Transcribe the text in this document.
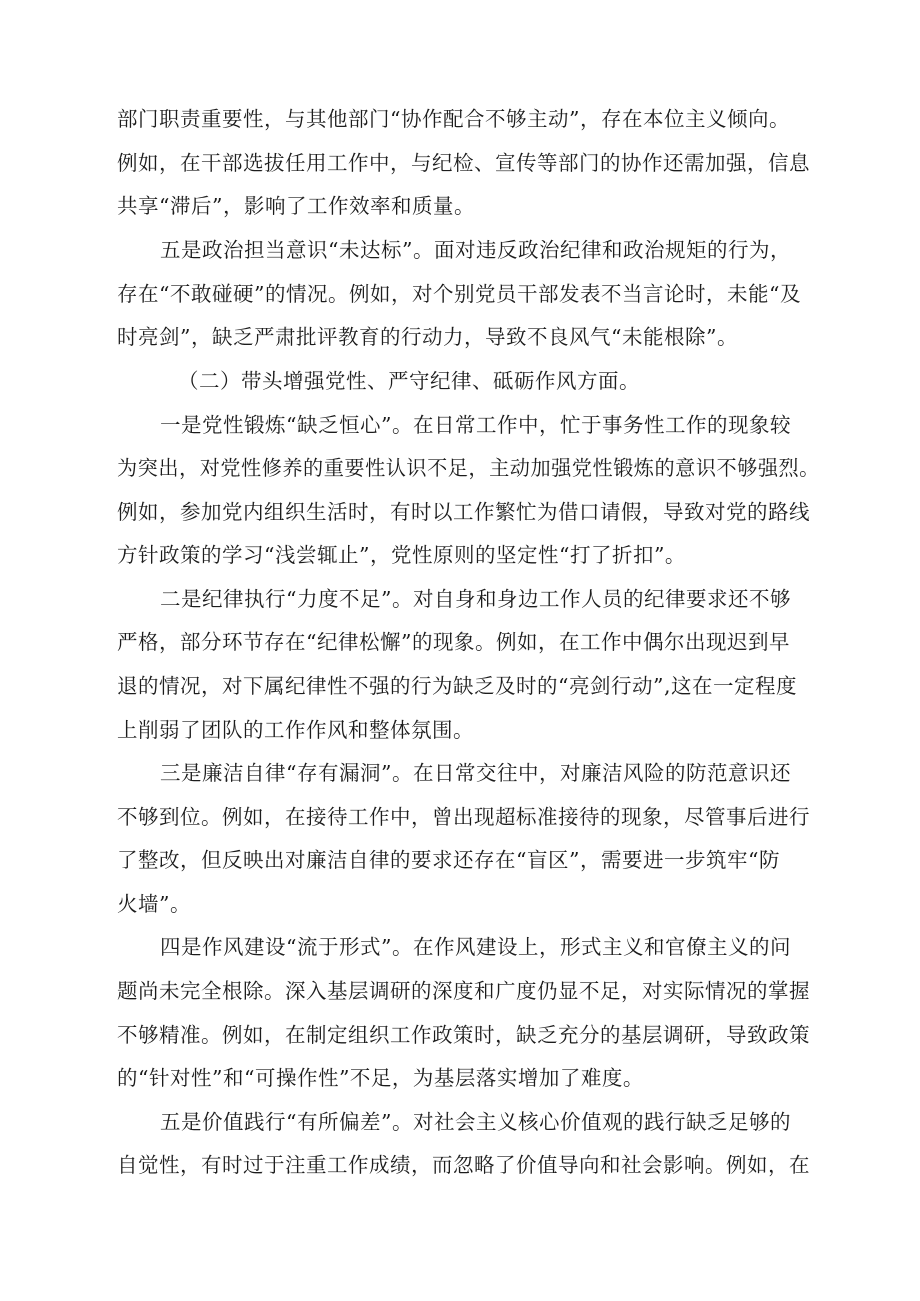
部门职责重要性，与其他部门“协作配合不够主动”，存在本位主义倾向。
例如，在干部选拔任用工作中，与纪检、宣传等部门的协作还需加强，信息
共享“滞后”，影响了工作效率和质量。
五是政治担当意识“未达标”。面对违反政治纪律和政治规矩的行为，
存在“不敢碰硬”的情况。例如，对个别党员干部发表不当言论时，未能“及
时亮剑”，缺乏严肃批评教育的行动力，导致不良风气“未能根除”。
（二）带头增强党性、严守纪律、砥砺作风方面。
一是党性锻炼“缺乏恒心”。在日常工作中，忙于事务性工作的现象较
为突出，对党性修养的重要性认识不足，主动加强党性锻炼的意识不够强烈。
例如，参加党内组织生活时，有时以工作繁忙为借口请假，导致对党的路线
方针政策的学习“浅尝辄止”，党性原则的坚定性“打了折扣”。
二是纪律执行“力度不足”。对自身和身边工作人员的纪律要求还不够
严格，部分环节存在“纪律松懈”的现象。例如，在工作中偶尔出现迟到早
退的情况，对下属纪律性不强的行为缺乏及时的“亮剑行动”,这在一定程度
上削弱了团队的工作作风和整体氛围。
三是廉洁自律“存有漏洞”。在日常交往中，对廉洁风险的防范意识还
不够到位。例如，在接待工作中，曾出现超标准接待的现象，尽管事后进行
了整改，但反映出对廉洁自律的要求还存在“盲区”，需要进一步筑牢“防
火墙”。
四是作风建设“流于形式”。在作风建设上，形式主义和官僚主义的问
题尚未完全根除。深入基层调研的深度和广度仍显不足，对实际情况的掌握
不够精准。例如，在制定组织工作政策时，缺乏充分的基层调研，导致政策
的“针对性”和“可操作性”不足，为基层落实增加了难度。
五是价值践行“有所偏差”。对社会主义核心价值观的践行缺乏足够的
自觉性，有时过于注重工作成绩，而忽略了价值导向和社会影响。例如，在
